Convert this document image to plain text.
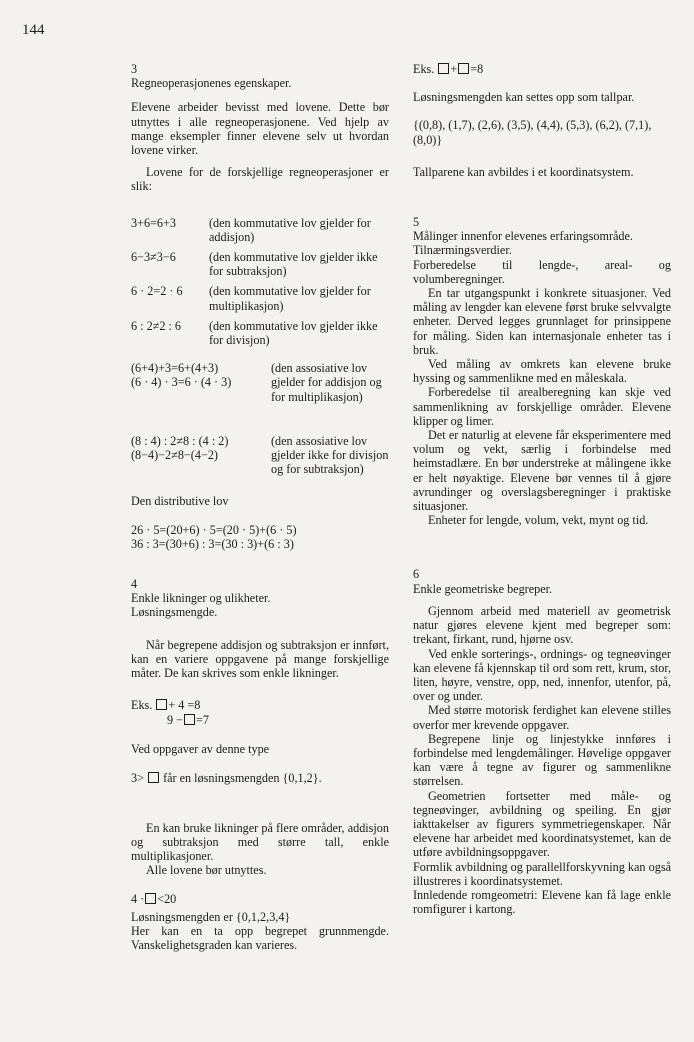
144

3

Regneoperasjonenes egenskaper.

Elevene arbeider bevisst med lovene. Dette bør utnyttes i alle regneoperasjonene. Ved hjelp av mange eksempler finner elevene selv ut hvordan lovene virker.

Lovene for de forskjellige regneoperasjoner er slik:

3+6=6+3	(den kommutative lov gjelder for addisjon)
6−3≠3−6	(den kommutative lov gjelder ikke for subtraksjon)
6 · 2=2 · 6	(den kommutative lov gjelder for multiplikasjon)
6 : 2≠2 : 6	(den kommutative lov gjelder ikke for divisjon)
(6+4)+3=6+(4+3)
(6 · 4) · 3=6 · (4 · 3)
(den assosiative lov gjelder for addisjon og for multiplikasjon)
(8 : 4) : 2≠8 : (4 : 2)
(8−4)−2≠8−(4−2)
(den assosiative lov gjelder ikke for divisjon og for subtraksjon)

Den distributive lov

26 · 5=(20+6) · 5=(20 · 5)+(6 · 5)

36 : 3=(30+6) : 3=(30 : 3)+(6 : 3)

4

Enkle likninger og ulikheter.

Løsningsmengde.

Når begrepene addisjon og subtraksjon er innført, kan en variere oppgavene på mange forskjellige måter. De kan skrives som enkle likninger.

Eks. + 4 =8
9 − =7

Ved oppgaver av denne type

3> får en løsningsmengden {0,1,2}.

En kan bruke likninger på flere områder, addisjon og subtraksjon med større tall, enkle multiplikasjoner.

Alle lovene bør utnyttes.

4 · <20

Løsningsmengden er {0,1,2,3,4}

Her kan en ta opp begrepet grunnmengde. Vanskelighetsgraden kan varieres.

Eks. + =8

Løsningsmengden kan settes opp som tallpar.

{(0,8), (1,7), (2,6), (3,5), (4,4), (5,3), (6,2), (7,1), (8,0)}

Tallparene kan avbildes i et koordinatsystem.

5

Målinger innenfor elevenes erfaringsområde.

Tilnærmingsverdier.

Forberedelse til lengde-, areal- og volumberegninger.

En tar utgangspunkt i konkrete situasjoner. Ved måling av lengder kan elevene først bruke selvvalgte enheter. Derved legges grunnlaget for prinsippene for måling. Siden kan internasjonale enheter tas i bruk.

Ved måling av omkrets kan elevene bruke hyssing og sammenlikne med en måleskala.

Forberedelse til arealberegning kan skje ved sammenlikning av forskjellige områder. Elevene klipper og limer.

Det er naturlig at elevene får eksperimentere med volum og vekt, særlig i forbindelse med heimstadlære. En bør understreke at målingene ikke er helt nøyaktige. Elevene bør vennes til å gjøre avrundinger og overslagsberegninger i praktiske situasjoner.

Enheter for lengde, volum, vekt, mynt og tid.

6

Enkle geometriske begreper.

Gjennom arbeid med materiell av geometrisk natur gjøres elevene kjent med begreper som: trekant, firkant, rund, hjørne osv.

Ved enkle sorterings-, ordnings- og tegneøvinger kan elevene få kjennskap til ord som rett, krum, stor, liten, høyre, venstre, opp, ned, innenfor, utenfor, på, over og under.

Med større motorisk ferdighet kan elevene stilles overfor mer krevende oppgaver.

Begrepene linje og linjestykke innføres i forbindelse med lengdemålinger. Høvelige oppgaver kan være å tegne av figurer og sammenlikne størrelsen.

Geometrien fortsetter med måle- og tegneøvinger, avbildning og speiling. En gjør iakttakelser av figurers symmetriegenskaper. Når elevene har arbeidet med koordinatsystemet, kan de utføre avbildningsoppgaver.

Formlik avbildning og parallellforskyvning kan også illustreres i koordinatsystemet.

Innledende romgeometri: Elevene kan få lage enkle romfigurer i kartong.
